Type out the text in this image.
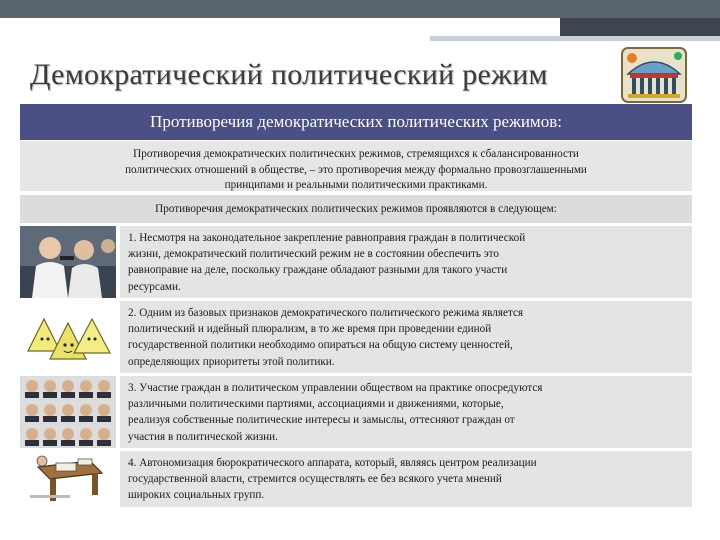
Демократический политический режим
Противоречия демократических политических режимов:
Противоречия демократических политических режимов, стремящихся к сбалансированности
политических отношений в обществе, – это противоречия между формально провозглашенными
принципами и реальными политическими практиками.
Противоречия демократических политических режимов проявляются в следующем:
1. Несмотря на законодательное закрепление равноправия граждан в политической
жизни, демократический политический режим не в состоянии обеспечить это
равноправие на деле, поскольку граждане обладают разными для такого участи
ресурсами.
2. Одним из базовых признаков демократического политического режима является
политический и идейный плюрализм, в то же время при проведении единой
государственной политики необходимо опираться на общую систему ценностей,
определяющих приоритеты этой политики.
3. Участие граждан в политическом управлении обществом на практике опосредуются
различными политическими партиями, ассоциациями и движениями, которые,
реализуя собственные политические интересы и замыслы, оттесняют граждан от
участия в политической жизни.
4. Автономизация бюрократического аппарата, который, являясь центром реализации
государственной власти, стремится осуществлять ее без всякого учета мнений
широких социальных групп.
